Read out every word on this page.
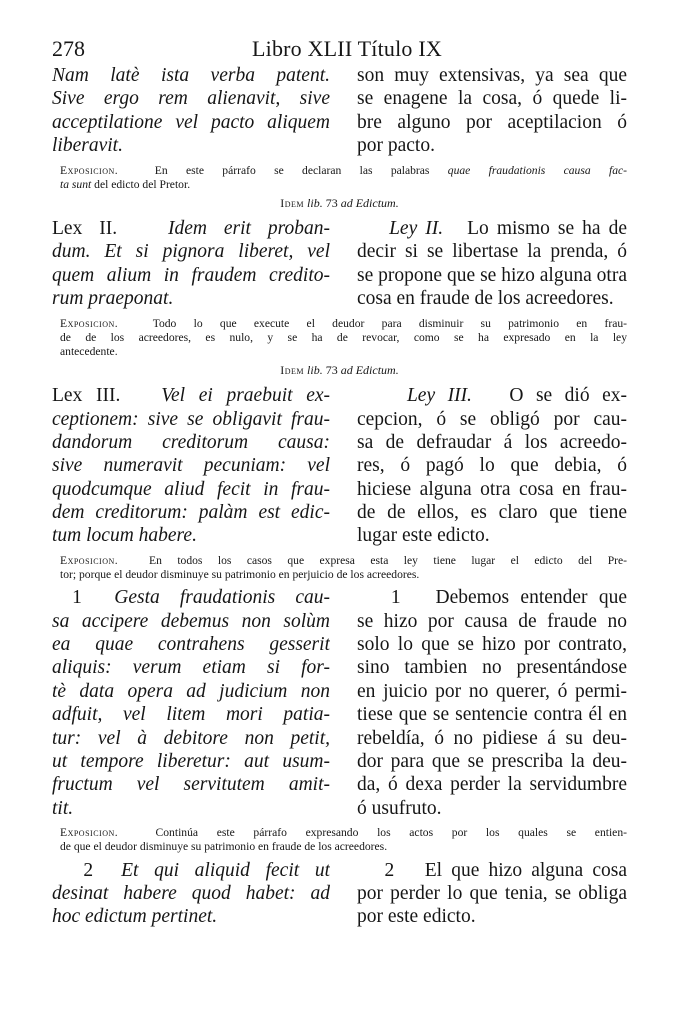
278	Libro XLII Título IX
Nam latè ista verba patent.
Sive ergo rem alienavit, sive
acceptilatione vel pacto aliquem
liberavit.
son muy extensivas, ya sea que
se enagene la cosa, ó quede li-
bre alguno por aceptilacion ó
por pacto.
Exposicion.	En este párrafo se declaran las palabras quae fraudationis causa fac-
ta sunt del edicto del Pretor.
Idem lib. 73 ad Edictum.
Lex II.	Idem erit proban-
dum. Et si pignora liberet, vel
quem alium in fraudem credito-
rum praeponat.
Ley II. Lo mismo se ha de
decir si se libertase la prenda, ó
se propone que se hizo alguna otra
cosa en fraude de los acreedores.
Exposicion.	Todo lo que execute el deudor para disminuir su patrimonio en frau-
de de los acreedores, es nulo, y se ha de revocar, como se ha expresado en la ley
antecedente.
Idem lib. 73 ad Edictum.
Lex III. Vel ei praebuit ex-
ceptionem: sive se obligavit frau-
dandorum creditorum causa:
sive numeravit pecuniam: vel
quodcumque aliud fecit in frau-
dem creditorum: palàm est edic-
tum locum habere.
Ley III. O se dió ex-
cepcion, ó se obligó por cau-
sa de defraudar á los acreedo-
res, ó pagó lo que debia, ó
hiciese alguna otra cosa en frau-
de de ellos, es claro que tiene
lugar este edicto.
Exposicion.	En todos los casos que expresa esta ley tiene lugar el edicto del Pre-
tor; porque el deudor disminuye su patrimonio en perjuicio de los acreedores.
1 Gesta fraudationis cau-
sa accipere debemus non solùm
ea quae contrahens gesserit
aliquis: verum etiam si for-
tè data opera ad judicium non
adfuit, vel litem mori patia-
tur: vel à debitore non petit,
ut tempore liberetur: aut usum-
fructum vel servitutem amit-
tit.
1 Debemos entender que
se hizo por causa de fraude no
solo lo que se hizo por contrato,
sino tambien no presentándose
en juicio por no querer, ó permi-
tiese que se sentencie contra él en
rebeldía, ó no pidiese á su deu-
dor para que se prescriba la deu-
da, ó dexa perder la servidumbre
ó usufruto.
Exposicion.	Continúa este párrafo expresando los actos por los quales se entien-
de que el deudor disminuye su patrimonio en fraude de los acreedores.
2 Et qui aliquid fecit ut
desinat habere quod habet: ad
hoc edictum pertinet.
2 El que hizo alguna cosa
por perder lo que tenia, se obliga
por este edicto.
